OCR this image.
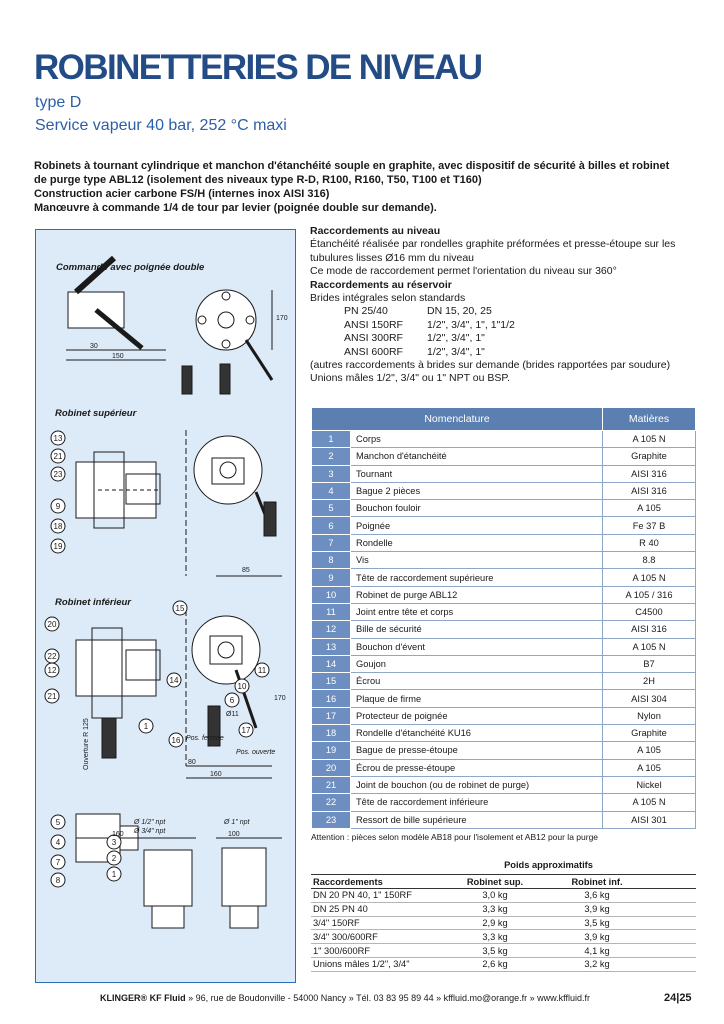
ROBINETTERIES DE NIVEAU
type D
Service vapeur 40 bar, 252 °C maxi
Robinets à tournant cylindrique et manchon d'étanchéité souple en graphite, avec dispositif de sécurité à billes et robinet
de purge type ABL12 (isolement des niveaux type R-D, R100, R160, T50, T100 et T160)
Construction acier carbone FS/H (internes inox AISI 316)
Manœuvre à commande 1/4 de tour par levier (poignée double sur demande).
30
150
170
13
21
23
9
18
19
85
20
22
12
21
15
14
10
6
17
16
11
1
Ø11
Pos. fermée
Pos. ouverte
80
160
170
Ouverture R 125
5
4	3
2
7
8
1
Ø 1/2" npt
Ø 3/4" npt
Ø 1" npt
160	100
Commande avec poignée double
Robinet supérieur
Robinet inférieur
Raccordements au niveau
Étanchéité réalisée par rondelles graphite préformées et presse-étoupe sur les
tubulures lisses Ø16 mm du niveau
Ce mode de raccordement permet l'orientation du niveau sur 360°
Raccordements au réservoir
Brides intégrales selon standards
PN 25/40	DN 15, 20, 25
ANSI 150RF	1/2", 3/4", 1", 1"1/2
ANSI 300RF	1/2", 3/4", 1"
ANSI 600RF	1/2", 3/4", 1"
(autres raccordements à brides sur demande (brides rapportées par soudure)
Unions mâles 1/2", 3/4" ou 1" NPT ou BSP.
Nomenclature		Matières
1	Corps	A 105 N
2	Manchon d'étanchéité	Graphite
3	Tournant	AISI 316
4	Bague 2 pièces	AISI 316
5	Bouchon fouloir	A 105
6	Poignée	Fe 37 B
7	Rondelle	R 40
8	Vis	8.8
9	Tête de raccordement supérieure	A 105 N
10	Robinet de purge ABL12	A 105 / 316
11	Joint entre tête et corps	C4500
12	Bille de sécurité	AISI 316
13	Bouchon d'évent	A 105 N
14	Goujon	B7
15	Écrou	2H
16	Plaque de firme	AISI 304
17	Protecteur de poignée	Nylon
18	Rondelle d'étanchéité KU16	Graphite
19	Bague de presse-étoupe	A 105
20	Écrou de presse-étoupe	A 105
21	Joint de bouchon (ou de robinet de purge)	Nickel
22	Tête de raccordement inférieure	A 105 N
23	Ressort de bille supérieure	AISI 301
Attention : pièces selon modèle AB18 pour l'isolement et AB12 pour la purge
Poids approximatifs
Raccordements	Robinet sup.	Robinet inf.	
DN 20 PN 40, 1" 150RF	3,0 kg	3,6 kg	
DN 25 PN 40	3,3 kg	3,9 kg	
3/4" 150RF	2,9 kg	3,5 kg	
3/4" 300/600RF	3,3 kg	3,9 kg	
1" 300/600RF	3,5 kg	4,1 kg	
Unions mâles 1/2", 3/4"	2,6 kg	3,2 kg	
KLINGER® KF Fluid » 96, rue de Boudonville - 54000 Nancy » Tél. 03 83 95 89 44 » kffluid.mo@orange.fr » www.kffluid.fr	24|25
